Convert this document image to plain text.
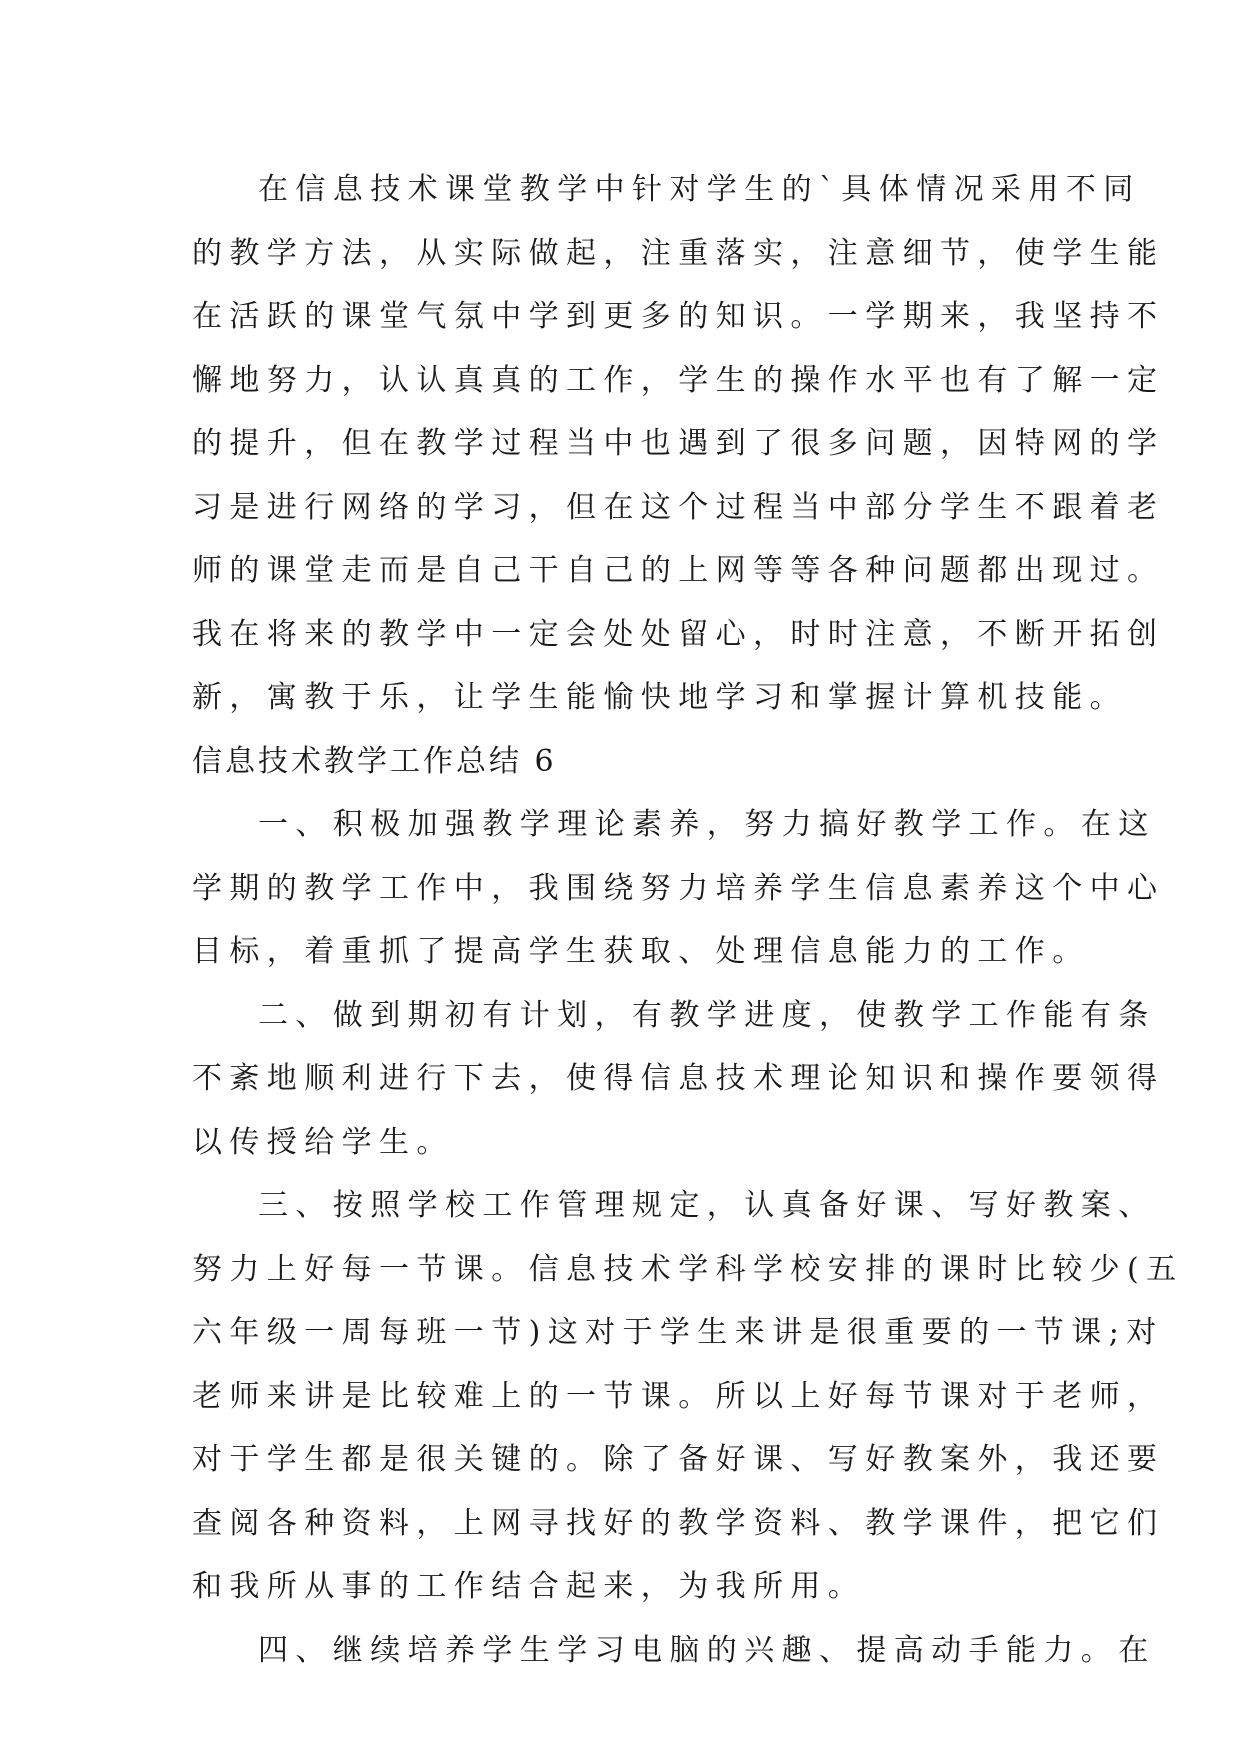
在信息技术课堂教学中针对学生的`具体情况采用不同
的教学方法，从实际做起，注重落实，注意细节，使学生能
在活跃的课堂气氛中学到更多的知识。一学期来，我坚持不
懈地努力，认认真真的工作，学生的操作水平也有了解一定
的提升，但在教学过程当中也遇到了很多问题，因特网的学
习是进行网络的学习，但在这个过程当中部分学生不跟着老
师的课堂走而是自己干自己的上网等等各种问题都出现过。
我在将来的教学中一定会处处留心，时时注意，不断开拓创
新，寓教于乐，让学生能愉快地学习和掌握计算机技能。
信息技术教学工作总结 6
一、积极加强教学理论素养，努力搞好教学工作。在这
学期的教学工作中，我围绕努力培养学生信息素养这个中心
目标，着重抓了提高学生获取、处理信息能力的工作。
二、做到期初有计划，有教学进度，使教学工作能有条
不紊地顺利进行下去，使得信息技术理论知识和操作要领得
以传授给学生。
三、按照学校工作管理规定，认真备好课、写好教案、
努力上好每一节课。信息技术学科学校安排的课时比较少(五
六年级一周每班一节)这对于学生来讲是很重要的一节课;对
老师来讲是比较难上的一节课。所以上好每节课对于老师，
对于学生都是很关键的。除了备好课、写好教案外，我还要
查阅各种资料，上网寻找好的教学资料、教学课件，把它们
和我所从事的工作结合起来，为我所用。
四、继续培养学生学习电脑的兴趣、提高动手能力。在
